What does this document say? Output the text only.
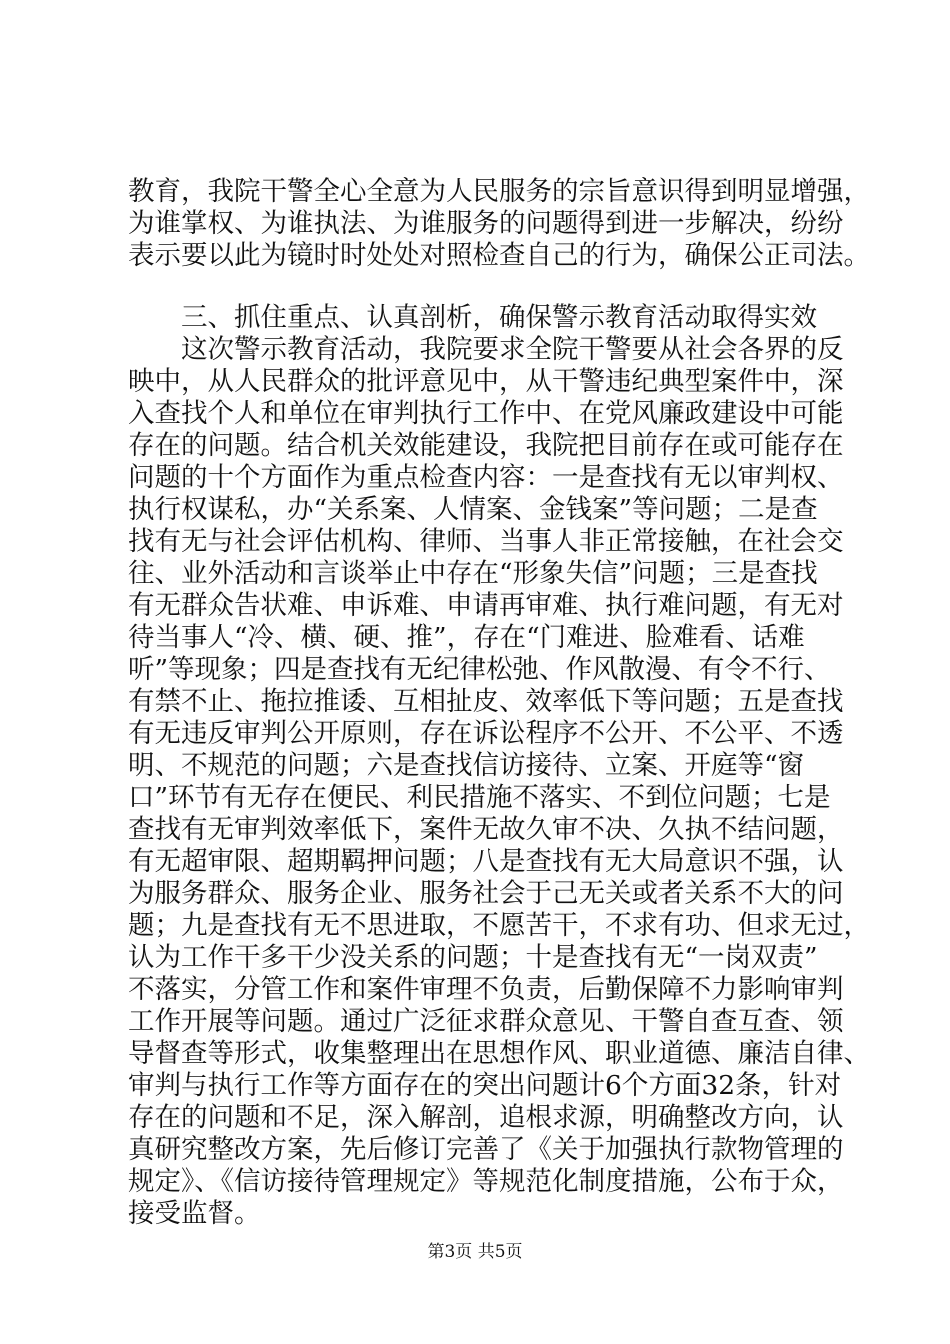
教育，我院干警全心全意为人民服务的宗旨意识得到明显增强，
为谁掌权、为谁执法、为谁服务的问题得到进一步解决，纷纷
表示要以此为镜时时处处对照检查自己的行为，确保公正司法。
三、抓住重点、认真剖析，确保警示教育活动取得实效
这次警示教育活动，我院要求全院干警要从社会各界的反
映中，从人民群众的批评意见中，从干警违纪典型案件中，深
入查找个人和单位在审判执行工作中、在党风廉政建设中可能
存在的问题。结合机关效能建设，我院把目前存在或可能存在
问题的十个方面作为重点检查内容：一是查找有无以审判权、
执行权谋私，办“关系案、人情案、金钱案”等问题；二是查
找有无与社会评估机构、律师、当事人非正常接触，在社会交
往、业外活动和言谈举止中存在“形象失信”问题；三是查找
有无群众告状难、申诉难、申请再审难、执行难问题，有无对
待当事人“冷、横、硬、推”，存在“门难进、脸难看、话难
听”等现象；四是查找有无纪律松弛、作风散漫、有令不行、
有禁不止、拖拉推诿、互相扯皮、效率低下等问题；五是查找
有无违反审判公开原则，存在诉讼程序不公开、不公平、不透
明、不规范的问题；六是查找信访接待、立案、开庭等“窗
口”环节有无存在便民、利民措施不落实、不到位问题；七是
查找有无审判效率低下，案件无故久审不决、久执不结问题，
有无超审限、超期羁押问题；八是查找有无大局意识不强，认
为服务群众、服务企业、服务社会于己无关或者关系不大的问
题；九是查找有无不思进取，不愿苦干，不求有功、但求无过，
认为工作干多干少没关系的问题；十是查找有无“一岗双责”
不落实，分管工作和案件审理不负责，后勤保障不力影响审判
工作开展等问题。通过广泛征求群众意见、干警自查互查、领
导督查等形式，收集整理出在思想作风、职业道德、廉洁自律、
审判与执行工作等方面存在的突出问题计6个方面32条，针对
存在的问题和不足，深入解剖，追根求源，明确整改方向，认
真研究整改方案，先后修订完善了《关于加强执行款物管理的
规定》、《信访接待管理规定》等规范化制度措施，公布于众，
接受监督。
第3页 共5页
